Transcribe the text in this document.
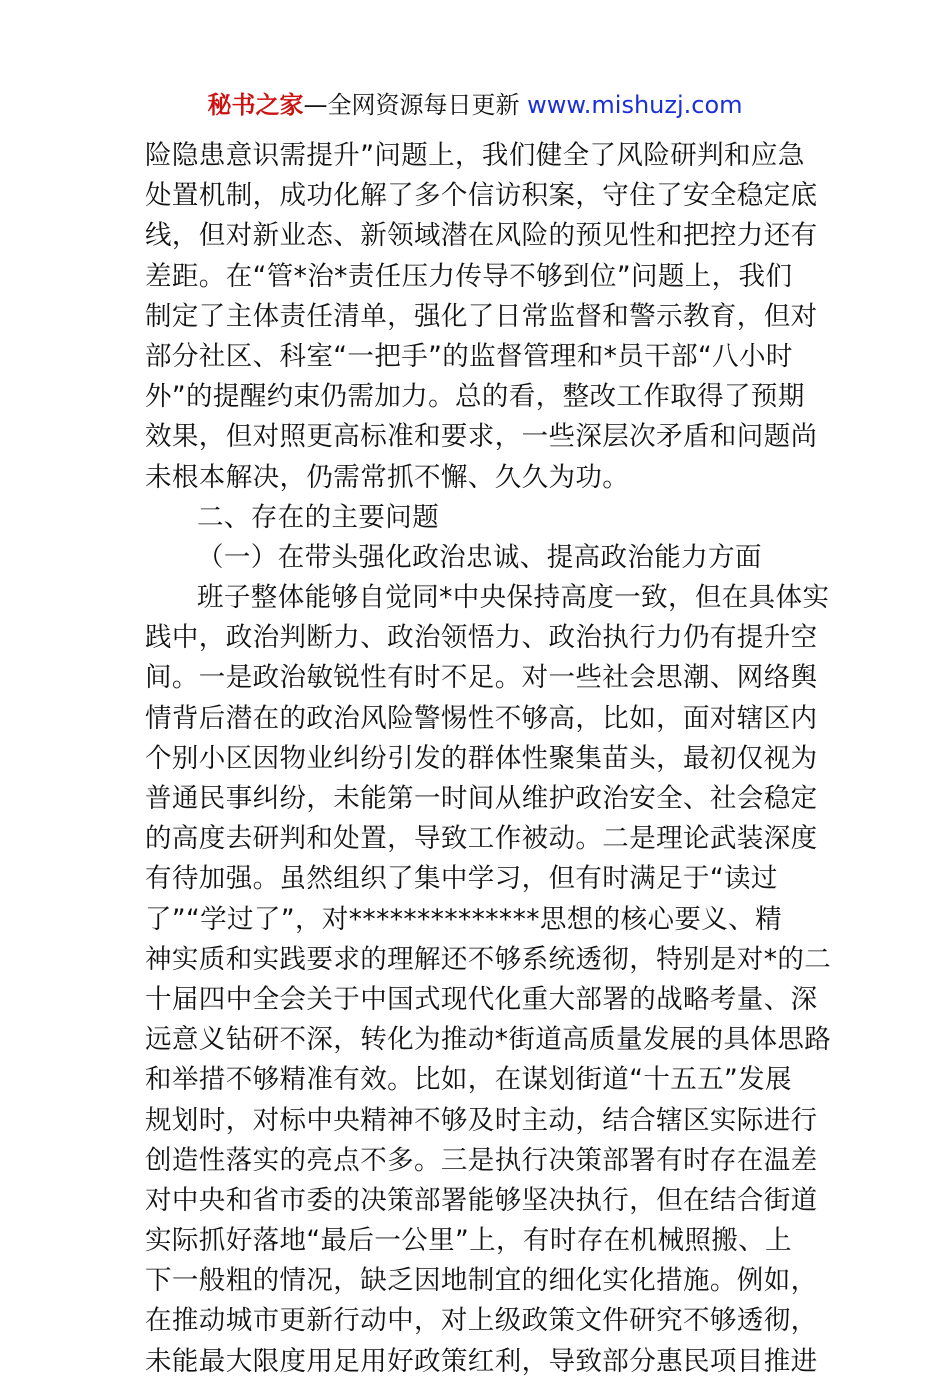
秘书之家—全网资源每日更新 www.mishuzj.com
险隐患意识需提升”问题上，我们健全了风险研判和应急
处置机制，成功化解了多个信访积案，守住了安全稳定底
线，但对新业态、新领域潜在风险的预见性和把控力还有
差距。在“管*治*责任压力传导不够到位”问题上，我们
制定了主体责任清单，强化了日常监督和警示教育，但对
部分社区、科室“一把手”的监督管理和*员干部“八小时
外”的提醒约束仍需加力。总的看，整改工作取得了预期
效果，但对照更高标准和要求，一些深层次矛盾和问题尚
未根本解决，仍需常抓不懈、久久为功。
二、存在的主要问题
（一）在带头强化政治忠诚、提高政治能力方面
班子整体能够自觉同*中央保持高度一致，但在具体实
践中，政治判断力、政治领悟力、政治执行力仍有提升空
间。一是政治敏锐性有时不足。对一些社会思潮、网络舆
情背后潜在的政治风险警惕性不够高，比如，面对辖区内
个别小区因物业纠纷引发的群体性聚集苗头，最初仅视为
普通民事纠纷，未能第一时间从维护政治安全、社会稳定
的高度去研判和处置，导致工作被动。二是理论武装深度
有待加强。虽然组织了集中学习，但有时满足于“读过
了”“学过了”，对**************思想的核心要义、精
神实质和实践要求的理解还不够系统透彻，特别是对*的二
十届四中全会关于中国式现代化重大部署的战略考量、深
远意义钻研不深，转化为推动*街道高质量发展的具体思路
和举措不够精准有效。比如，在谋划街道“十五五”发展
规划时，对标中央精神不够及时主动，结合辖区实际进行
创造性落实的亮点不多。三是执行决策部署有时存在温差
对中央和省市委的决策部署能够坚决执行，但在结合街道
实际抓好落地“最后一公里”上，有时存在机械照搬、上
下一般粗的情况，缺乏因地制宜的细化实化措施。例如，
在推动城市更新行动中，对上级政策文件研究不够透彻，
未能最大限度用足用好政策红利，导致部分惠民项目推进
